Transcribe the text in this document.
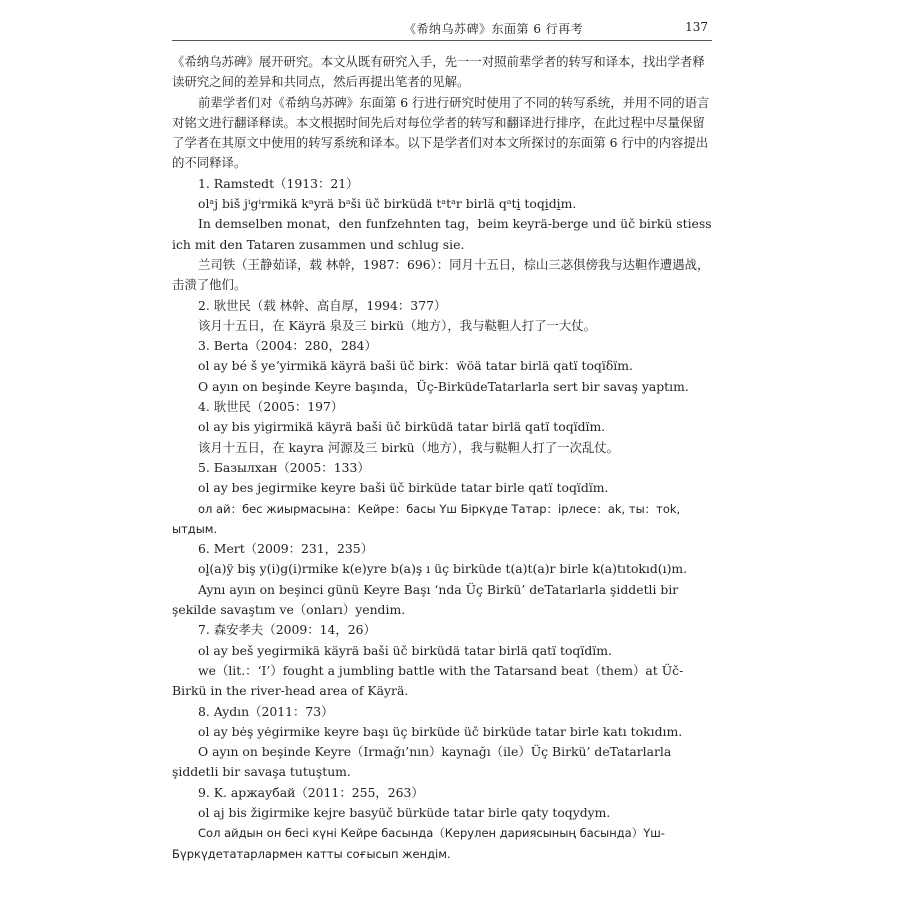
《希纳乌苏碑》东面第 6 行再考	137

《希纳乌苏碑》展开研究。本文从既有研究入手，先一一对照前辈学者的转写和译本，找出学者释读研究之间的差异和共同点，然后再提出笔者的见解。

前辈学者们对《希纳乌苏碑》东面第 6 行进行研究时使用了不同的转写系统，并用不同的语言对铭文进行翻译释读。本文根据时间先后对每位学者的转写和翻译进行排序，在此过程中尽量保留了学者在其原文中使用的转写系统和译本。以下是学者们对本文所探讨的东面第 6 行中的内容提出的不同释译。

1. Ramstedt（1913：21）

olᵃj biš jⁱgⁱrmikä kᵃyrä bᵃši üč birküdä tᵃtᵃr birlä qᵃti̱ toqi̱di̱m.

In demselben monat，den funfzehnten tag，beim keyrä-berge und üč birkü stiess ich mit den Tataren zusammen und schlug sie.

兰司铁（王静茹译，载 林幹，1987：696）：同月十五日，棕山三苾俱傍我与达靼作遭遇战，击溃了他们。

2. 耿世民（载 林幹、高自厚，1994：377）

该月十五日，在 Käyrä 泉及三 birkü（地方），我与鞑靼人打了一大仗。

3. Berta（2004：280，284）

ol ay bé š yeʼyirmikä käyrä baši̇ üč birk：ẅöä tatar birlä qatï toqïδïm.

O ayın on beşinde Keyre başında，Üç-BirküdeTatarlarla sert bir savaş yaptım.

4. 耿世民（2005：197）

ol ay bis yigirmikä käyrä baši̇ üč birküdä tatar birlä qatï toqïdïm.

该月十五日，在 kayra 河源及三 birkü（地方），我与鞑靼人打了一次乱仗。

5. Базылхан（2005：133）

ol ay bes jegirmike keyre baši̇ üč birküde tatar birle qatï toqïdïm.

ол ай：бес жиырмасына：Кейре：басы Үш Біркүде Татар：ірлесе：ak, ты：тоk, ытдым.

6. Mert（2009：231，235）

ol̥(a)ÿ biş y(i)g(i)rmike k(e)yre b(a)ş ı üç birküde t(a)t(a)r birle k(a)tıtokıd(ı)m.

Aynı ayın on beşinci günü Keyre Başı ‘nda Üç Birkü’ deTatarlarla şiddetli bir şekilde savaştım ve（onları）yendim.

7. 森安孝夫（2009：14，26）

ol ay beš yegirmikä käyrä baši̇ üč birküdä tatar birlä qatï toqïdïm.

we（lit.：‘I’）fought a jumbling battle with the Tatarsand beat（them）at Üč-Birkü in the river-head area of Käyrä.

8. Aydın（2011：73）

ol ay bėş yėgirmike keyre başı üç birküde üč birküde tatar birle katı tokıdım.

O ayın on beşinde Keyre（Irmağı’nın）kaynağı（ile）Üç Birkü’ deTatarlarla şiddetli bir savaşa tutuştum.

9. K. аржаубай（2011：255，263）

ol aj bis žigirmike kejre basyüč bürküde tatar birle qaty toqydym.

Сол айдын он бесі күні Кейре басында（Керулен дариясының басында）Үш-Бүркүдетатарлармен катты соғысып жендім.
